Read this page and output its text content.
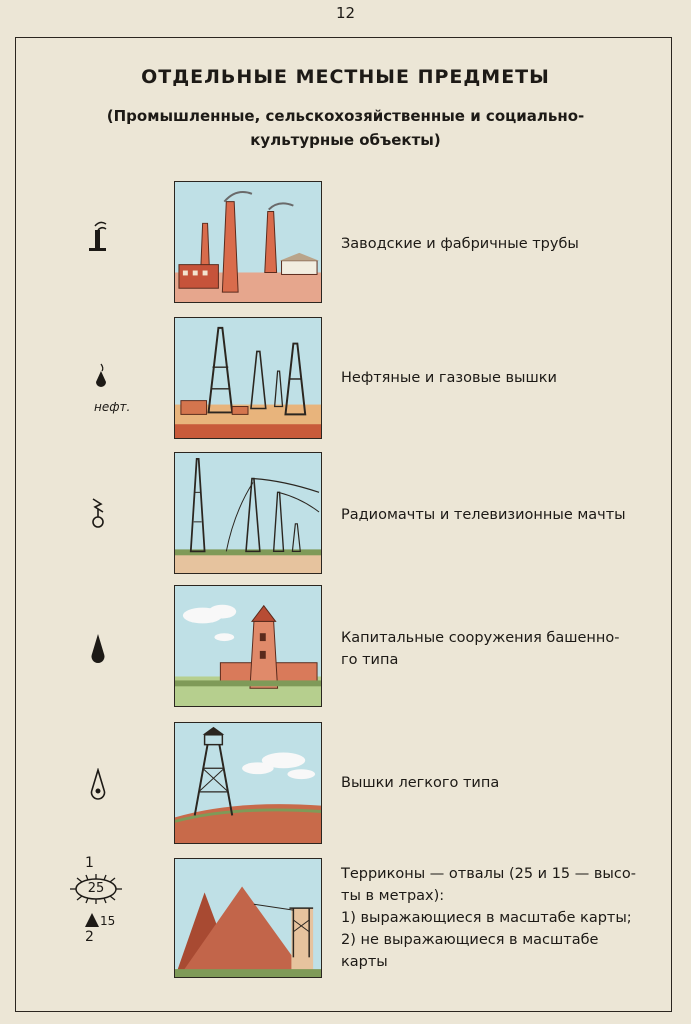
12
ОТДЕЛЬНЫЕ МЕСТНЫЕ ПРЕДМЕТЫ
(Промышленные, сельскохозяйственные и социально-
культурные объекты)
Заводские и фабричные трубы
нефт.
Нефтяные и газовые вышки
Радиомачты и телевизионные мачты
Капитальные сооружения башенно-
го типа
Вышки легкого типа
1
25
15
2
Терриконы — отвалы (25 и 15 — высо-
ты в метрах):
1) выражающиеся в масштабе карты;
2) не выражающиеся в масштабе
карты
